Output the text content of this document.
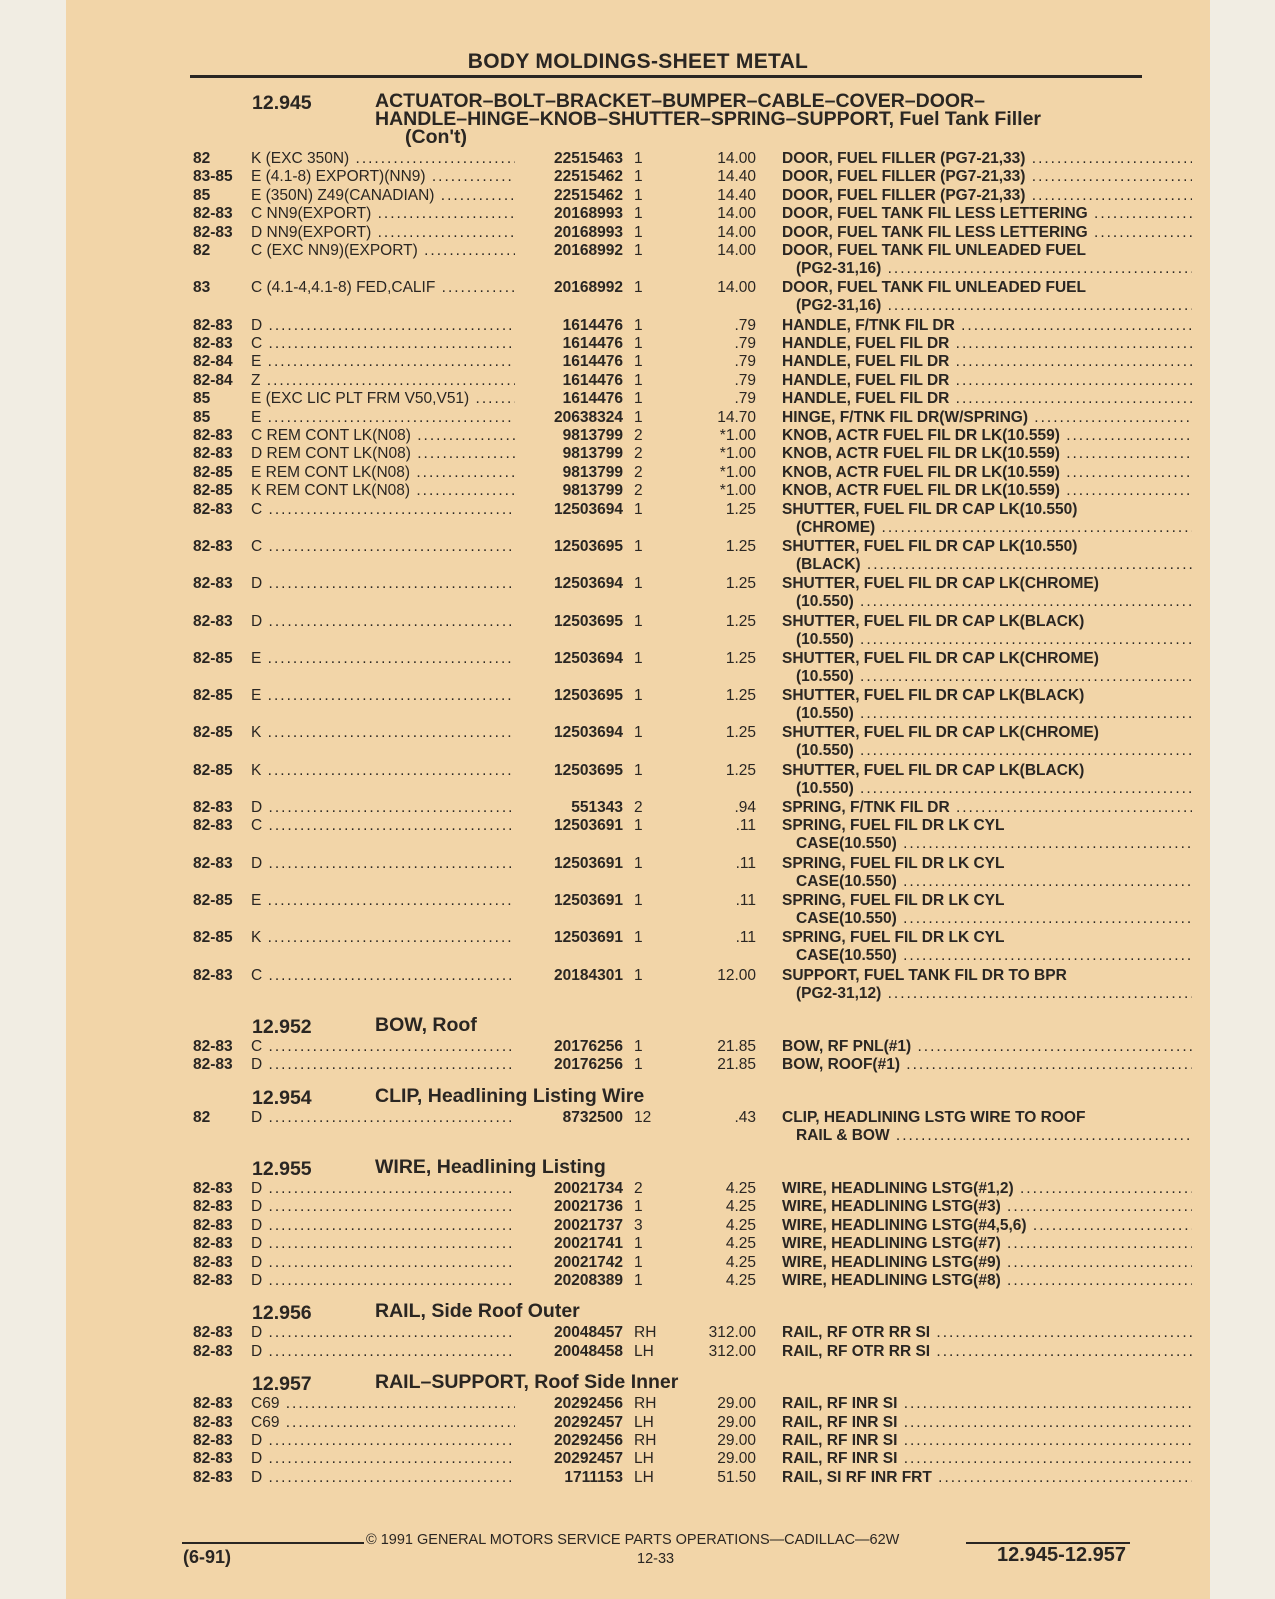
BODY MOLDINGS-SHEET METAL
12.945	ACTUATOR–BOLT–BRACKET–BUMPER–CABLE–COVER–DOOR–
HANDLE–HINGE–KNOB–SHUTTER–SPRING–SUPPORT, Fuel Tank Filler
(Con't)
82	K (EXC 350N) .....	22515463 1	14.00 DOOR, FUEL FILLER (PG7-21,33) .....
83-85 E (4.1-8) EXPORT)(NN9) .....	22515462 1	14.40 DOOR, FUEL FILLER (PG7-21,33) .....
85	E (350N) Z49(CANADIAN) .....	22515462 1	14.40 DOOR, FUEL FILLER (PG7-21,33) .....
82-83 C NN9(EXPORT) .....	20168993 1	14.00 DOOR, FUEL TANK FIL LESS LETTERING .....
82-83 D NN9(EXPORT) .....	20168993 1	14.00 DOOR, FUEL TANK FIL LESS LETTERING .....
82	C (EXC NN9)(EXPORT) .....	20168992 1	14.00 DOOR, FUEL TANK FIL UNLEADED FUEL
(PG2-31,16) .....
83	C (4.1-4,4.1-8) FED,CALIF .....	20168992 1	14.00 DOOR, FUEL TANK FIL UNLEADED FUEL
(PG2-31,16) .....
82-83 D .....	1614476 1	.79 HANDLE, F/TNK FIL DR .....
82-83 C .....	1614476 1	.79 HANDLE, FUEL FIL DR .....
82-84 E .....	1614476 1	.79 HANDLE, FUEL FIL DR .....
82-84 Z .....	1614476 1	.79 HANDLE, FUEL FIL DR .....
85	E (EXC LIC PLT FRM V50,V51) .....	1614476 1	.79 HANDLE, FUEL FIL DR .....
85	E .....	20638324 1	14.70 HINGE, F/TNK FIL DR(W/SPRING) .....
82-83 C REM CONT LK(N08) .....	9813799 2	*1.00 KNOB, ACTR FUEL FIL DR LK(10.559) .....
82-83 D REM CONT LK(N08) .....	9813799 2	*1.00 KNOB, ACTR FUEL FIL DR LK(10.559) .....
82-85 E REM CONT LK(N08) .....	9813799 2	*1.00 KNOB, ACTR FUEL FIL DR LK(10.559) .....
82-85 K REM CONT LK(N08) .....	9813799 2	*1.00 KNOB, ACTR FUEL FIL DR LK(10.559) .....
82-83 C .....	12503694 1	1.25 SHUTTER, FUEL FIL DR CAP LK(10.550)
(CHROME) .....
82-83 C .....	12503695 1	1.25 SHUTTER, FUEL FIL DR CAP LK(10.550)
(BLACK) .....
82-83 D .....	12503694 1	1.25 SHUTTER, FUEL FIL DR CAP LK(CHROME)
(10.550) .....
82-83 D .....	12503695 1	1.25 SHUTTER, FUEL FIL DR CAP LK(BLACK)
(10.550) .....
82-85 E .....	12503694 1	1.25 SHUTTER, FUEL FIL DR CAP LK(CHROME)
(10.550) .....
82-85 E .....	12503695 1	1.25 SHUTTER, FUEL FIL DR CAP LK(BLACK)
(10.550) .....
82-85 K .....	12503694 1	1.25 SHUTTER, FUEL FIL DR CAP LK(CHROME)
(10.550) .....
82-85 K .....	12503695 1	1.25 SHUTTER, FUEL FIL DR CAP LK(BLACK)
(10.550) .....
82-83 D .....	551343 2	.94 SPRING, F/TNK FIL DR .....
82-83 C .....	12503691 1	.11 SPRING, FUEL FIL DR LK CYL
CASE(10.550) .....
82-83 D .....	12503691 1	.11 SPRING, FUEL FIL DR LK CYL
CASE(10.550) .....
82-85 E .....	12503691 1	.11 SPRING, FUEL FIL DR LK CYL
CASE(10.550) .....
82-85 K .....	12503691 1	.11 SPRING, FUEL FIL DR LK CYL
CASE(10.550) .....
82-83 C .....	20184301 1	12.00 SUPPORT, FUEL TANK FIL DR TO BPR
(PG2-31,12) .....
12.952	BOW, Roof
82-83 C .....	20176256 1	21.85 BOW, RF PNL(#1) .....
82-83 D .....	20176256 1	21.85 BOW, ROOF(#1) .....
12.954	CLIP, Headlining Listing Wire
82	D .....	8732500 12	.43 CLIP, HEADLINING LSTG WIRE TO ROOF
RAIL & BOW .....
12.955	WIRE, Headlining Listing
82-83 D .....	20021734 2	4.25 WIRE, HEADLINING LSTG(#1,2) .....
82-83 D .....	20021736 1	4.25 WIRE, HEADLINING LSTG(#3) .....
82-83 D .....	20021737 3	4.25 WIRE, HEADLINING LSTG(#4,5,6) .....
82-83 D .....	20021741 1	4.25 WIRE, HEADLINING LSTG(#7) .....
82-83 D .....	20021742 1	4.25 WIRE, HEADLINING LSTG(#9) .....
82-83 D .....	20208389 1	4.25 WIRE, HEADLINING LSTG(#8) .....
12.956	RAIL, Side Roof Outer
82-83 D .....	20048457 RH	312.00 RAIL, RF OTR RR SI .....
82-83 D .....	20048458 LH	312.00 RAIL, RF OTR RR SI .....
12.957	RAIL–SUPPORT, Roof Side Inner
82-83 C69 .....	20292456 RH	29.00 RAIL, RF INR SI .....
82-83 C69 .....	20292457 LH	29.00 RAIL, RF INR SI .....
82-83 D .....	20292456 RH	29.00 RAIL, RF INR SI .....
82-83 D .....	20292457 LH	29.00 RAIL, RF INR SI .....
82-83 D .....	1711153 LH	51.50 RAIL, SI RF INR FRT .....
© 1991 GENERAL MOTORS SERVICE PARTS OPERATIONS—CADILLAC—62W
(6-91)	12-33	12.945-12.957
